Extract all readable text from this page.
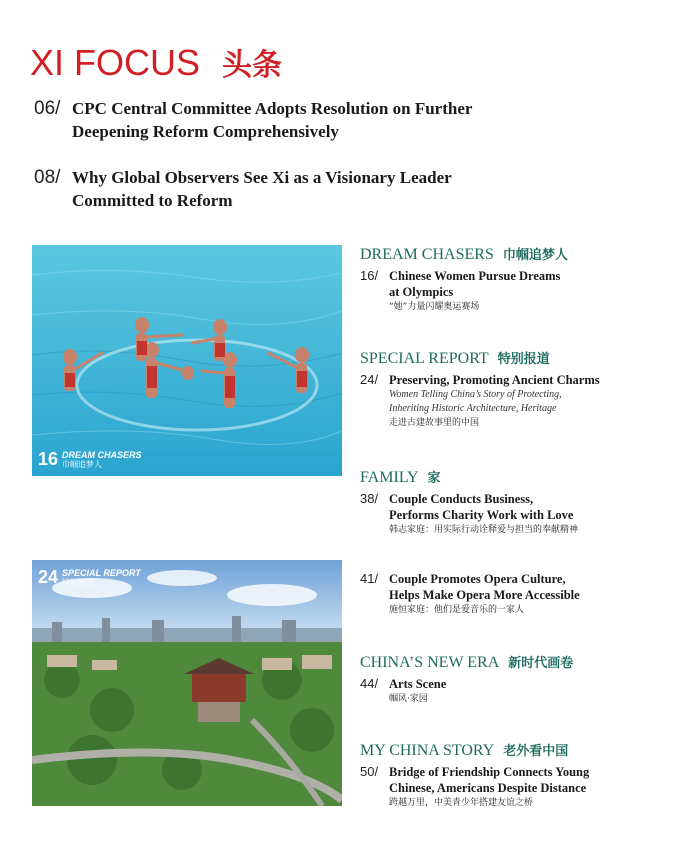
XI FOCUS 头条
06/ CPC Central Committee Adopts Resolution on Further
Deepening Reform Comprehensively
08/ Why Global Observers See Xi as a Visionary Leader
Committed to Reform
16 DREAM CHASERS
巾帼追梦人
24 SPECIAL REPORT
特别报道
DREAM CHASERS 巾帼追梦人
16/ Chinese Women Pursue Dreams
at Olympics
“她”力量闪耀奥运赛场
SPECIAL REPORT 特别报道
24/ Preserving, Promoting Ancient Charms
Women Telling China’s Story of Protecting,
Inheriting Historic Architecture, Heritage
走进古建故事里的中国
FAMILY 家
38/ Couple Conducts Business,
Performs Charity Work with Love
韩志家庭：用实际行动诠释爱与担当的奉献精神
41/ Couple Promotes Opera Culture,
Helps Make Opera More Accessible
施恒家庭：他们是爱音乐的一家人
CHINA’S NEW ERA 新时代画卷
44/ Arts Scene
帼风·家园
MY CHINA STORY 老外看中国
50/ Bridge of Friendship Connects Young
Chinese, Americans Despite Distance
跨越万里，中美青少年搭建友谊之桥
